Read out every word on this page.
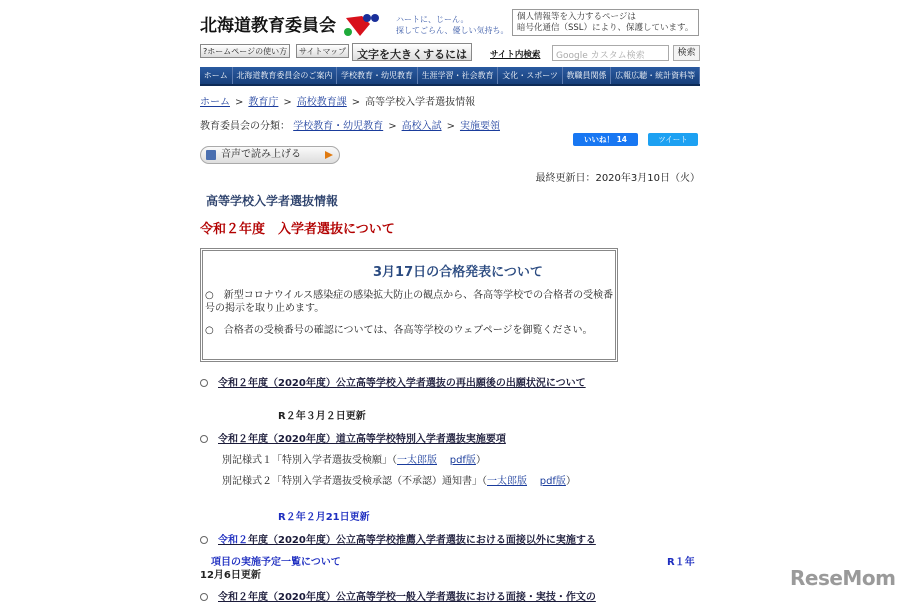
北海道教育委員会	ハートに、じーん。
探してごらん、優しい気持ち。
個人情報等を入力するページは
暗号化通信（SSL）により、保護しています。
?ホームページの使い方	サイトマップ 文字を大きくするには	サイト内検索	Google カスタム検索	検索
ホーム	北海道教育委員会のご案内	学校教育・幼児教育	生涯学習・社会教育	文化・スポーツ	教職員関係	広報広聴・統計資料等
ホーム > 教育庁 > 高校教育課 > 高等学校入学者選抜情報
教育委員会の分類： 学校教育・幼児教育 > 高校入試 > 実施要領
いいね！ 14	ツイート
音声で読み上げる
最終更新日：2020年3月10日（火）
高等学校入学者選抜情報
令和２年度　入学者選抜について
3月17日の合格発表について

○　新型コロナウイルス感染症の感染拡大防止の観点から、各高等学校での合格者の受検番号の掲示を取り止めます。

○　合格者の受検番号の確認については、各高等学校のウェブページを御覧ください。

令和２年度（2020年度）公立高等学校入学者選抜の再出願後の出願状況について
R２年３月２日更新
令和２年度（2020年度）道立高等学校特別入学者選抜実施要項
別記様式１「特別入学者選抜受検願」（一太郎版 pdf版）
別記様式２「特別入学者選抜受検承認（不承認）通知書」（一太郎版 pdf版）
R２年２月21日更新
令和２年度（2020年度）公立高等学校推薦入学者選抜における面接以外に実施する
項目の実施予定一覧について	R１年
12月6日更新
令和２年度（2020年度）公立高等学校一般入学者選抜における面接・実技・作文の
ReseMom
